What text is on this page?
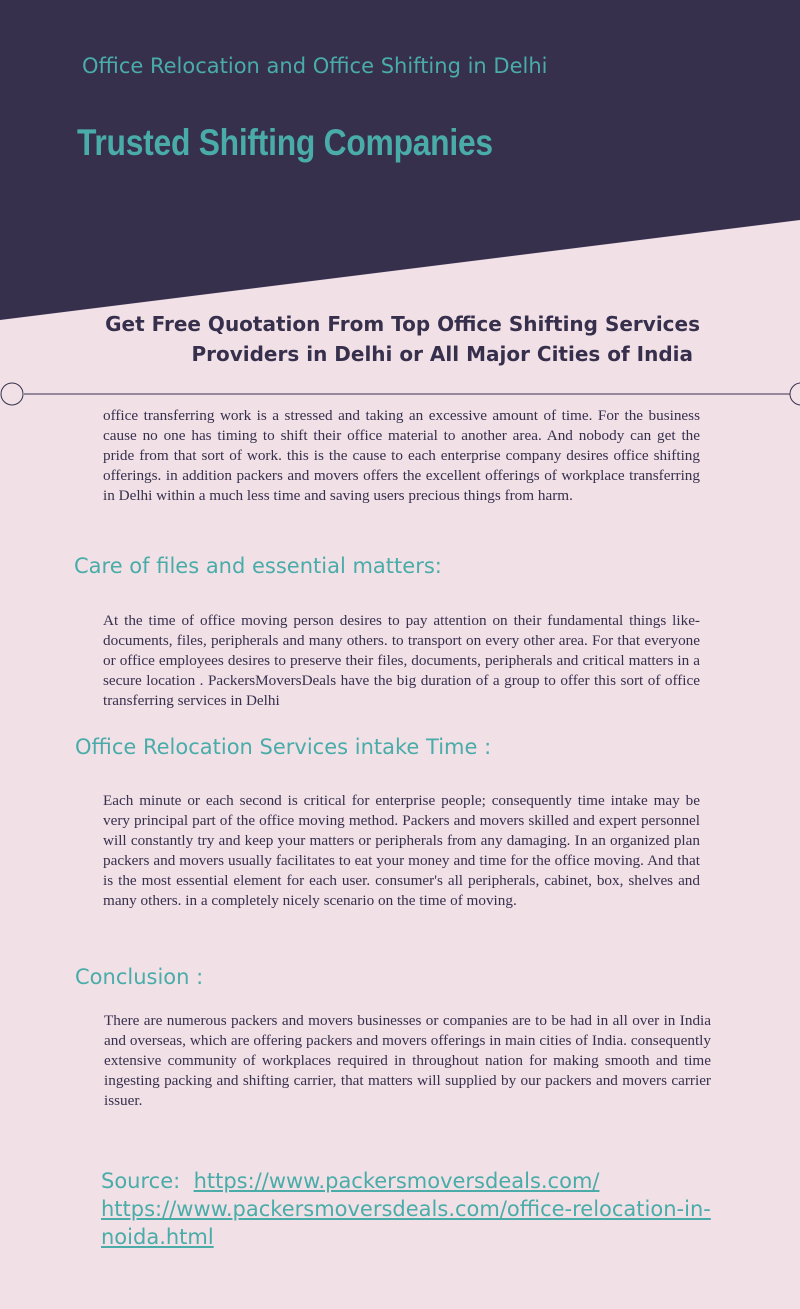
Office Relocation and Office Shifting in Delhi
Trusted Shifting Companies
Get Free Quotation From Top Office Shifting Services
Providers in Delhi or All Major Cities of India

office transferring work is a stressed and taking an excessive amount of time. For the business cause no one has timing to shift their office material to another area. And nobody can get the pride from that sort of work. this is the cause to each enterprise company desires office shifting offerings. in addition packers and movers offers the excellent offerings of workplace transferring in Delhi within a much less time and saving users precious things from harm.

Care of files and essential matters:

At the time of office moving person desires to pay attention on their fundamental things like- documents, files, peripherals and many others. to transport on every other area. For that everyone or office employees desires to preserve their files, documents, peripherals and critical matters in a secure location . PackersMoversDeals have the big duration of a group to offer this sort of office transferring services in Delhi

Office Relocation Services intake Time :

Each minute or each second is critical for enterprise people; consequently time intake may be very principal part of the office moving method. Packers and movers skilled and expert personnel will constantly try and keep your matters or peripherals from any damaging. In an organized plan packers and movers usually facilitates to eat your money and time for the office moving. And that is the most essential element for each user. consumer's all peripherals, cabinet, box, shelves and many others. in a completely nicely scenario on the time of moving.

Conclusion :

There are numerous packers and movers businesses or companies are to be had in all over in India and overseas, which are offering packers and movers offerings in main cities of India. consequently extensive community of workplaces required in throughout nation for making smooth and time ingesting packing and shifting carrier, that matters will supplied by our packers and movers carrier issuer.

Source: https://www.packersmoversdeals.com/
https://www.packersmoversdeals.com/office-relocation-in-noida.html
